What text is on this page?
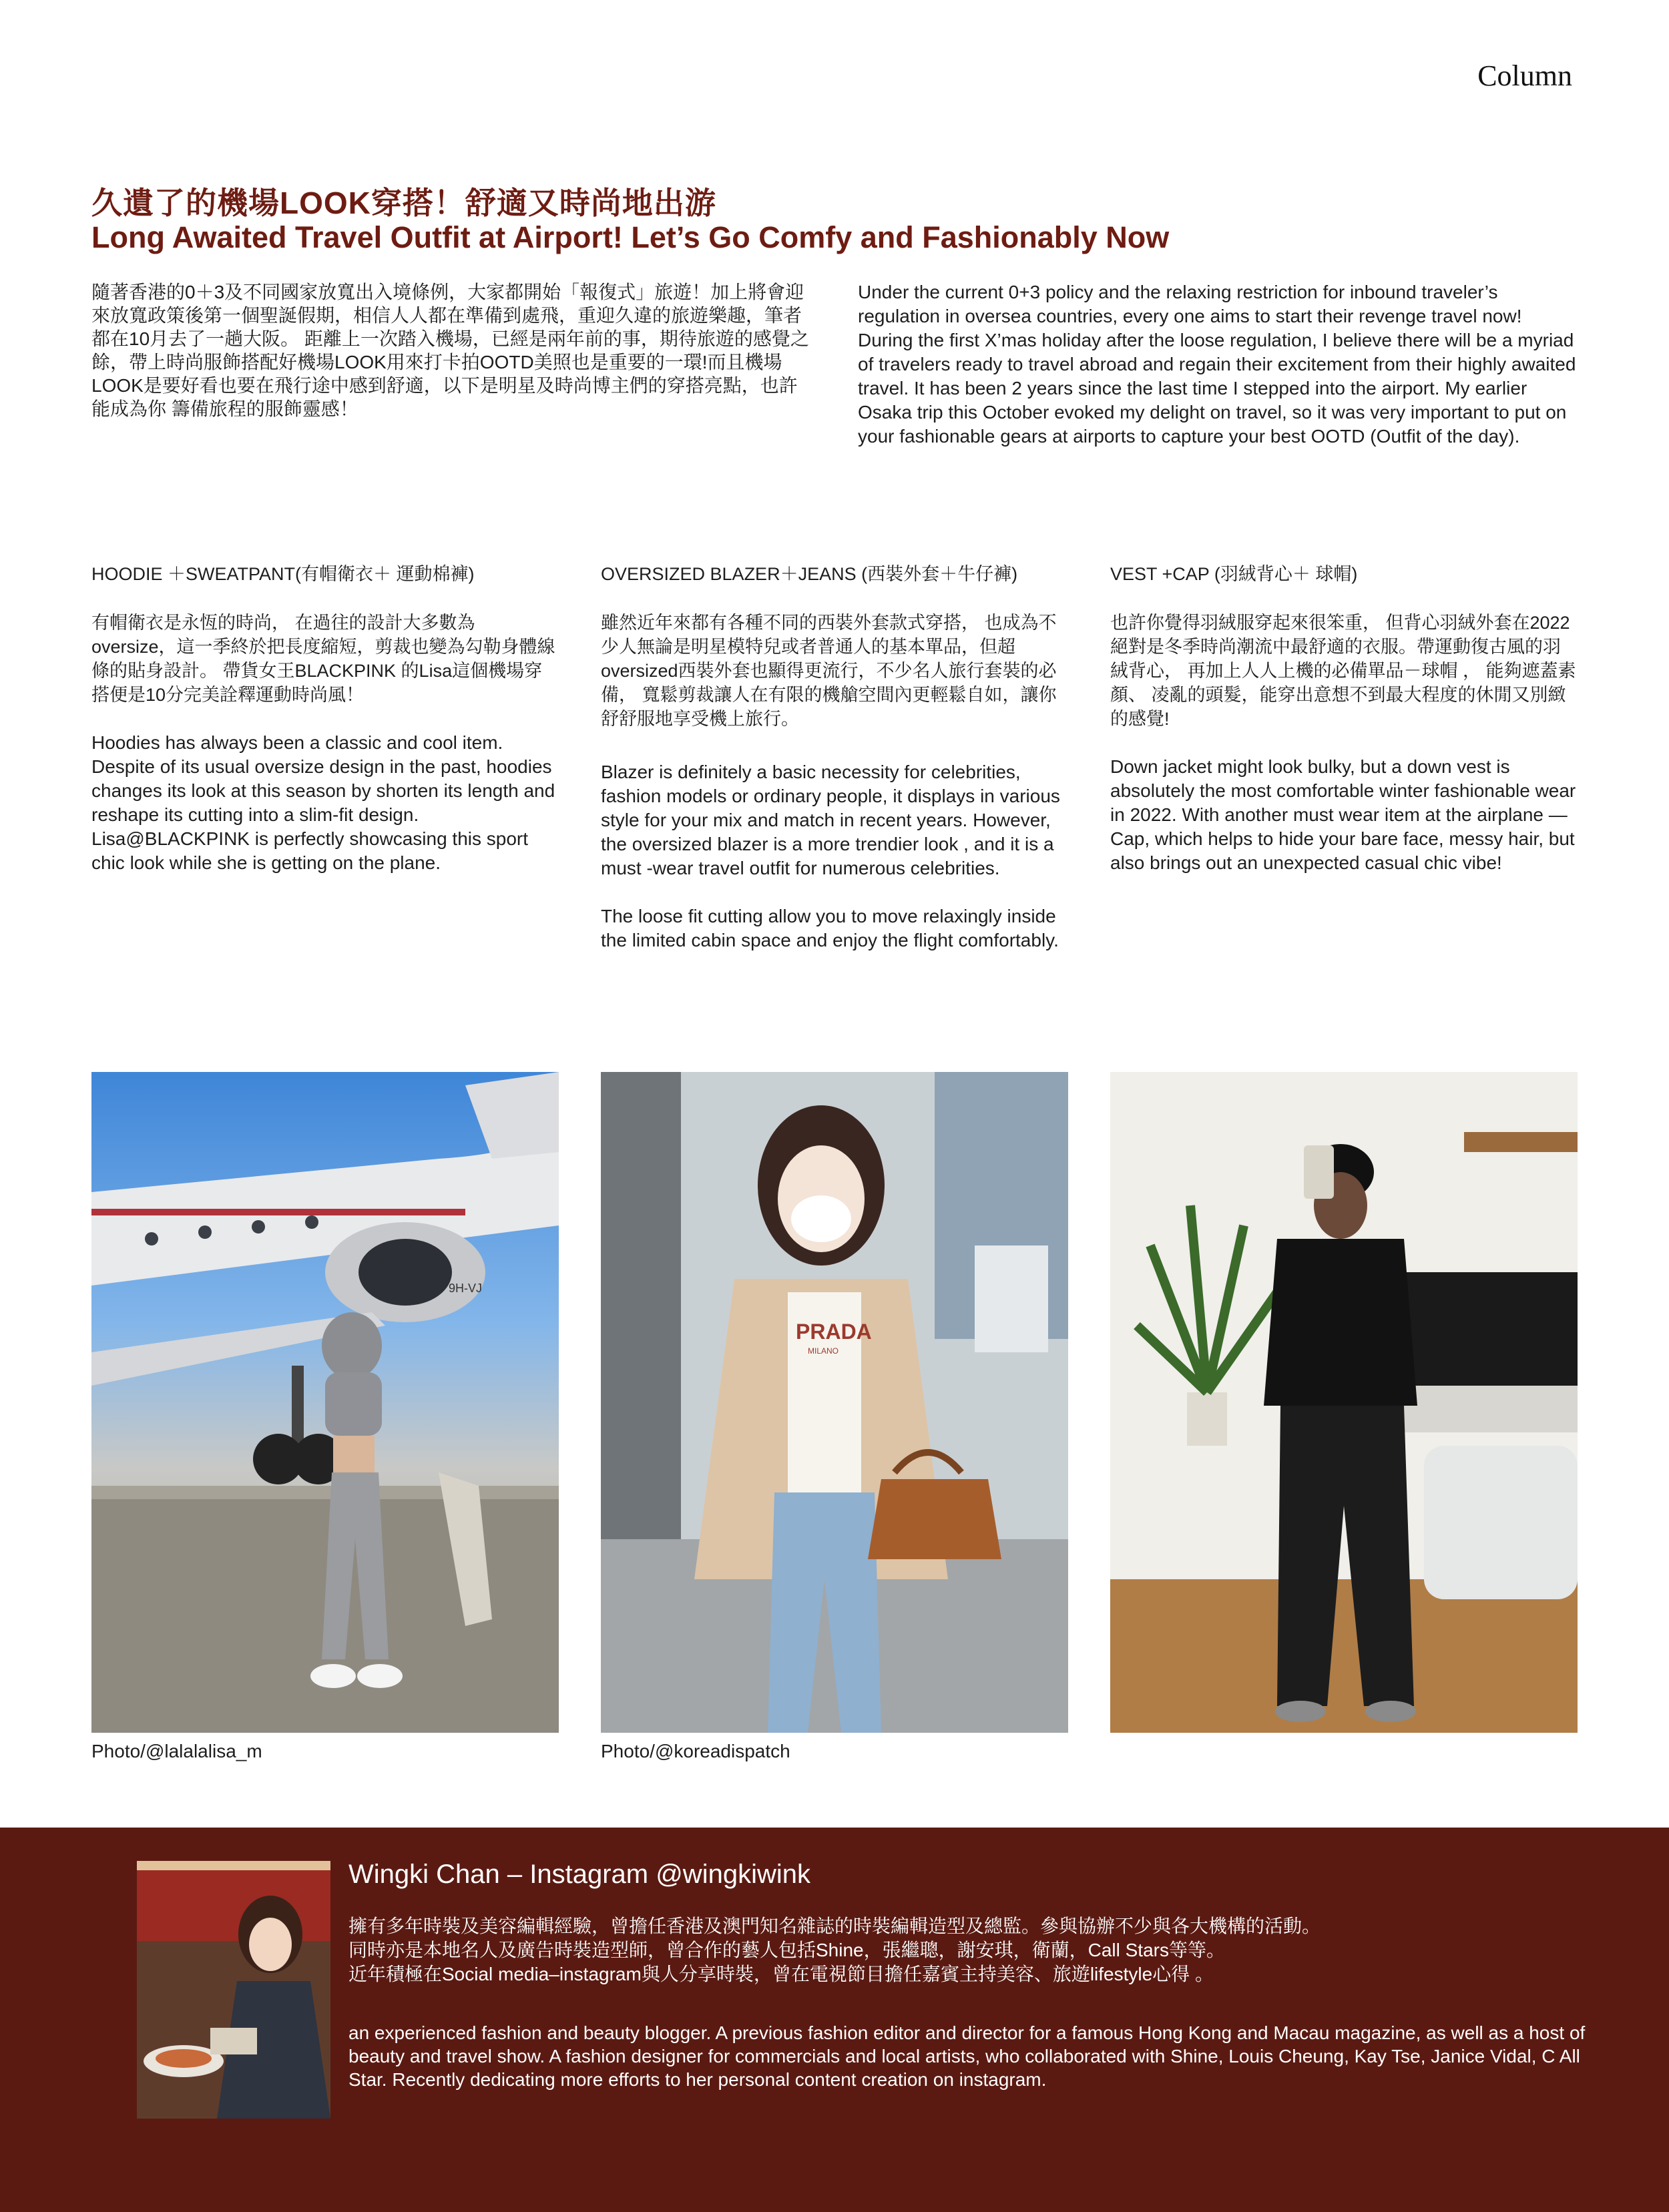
Column
久遺了的機場LOOK穿搭！舒適又時尚地出游
Long Awaited Travel Outfit at Airport! Let’s Go Comfy and Fashionably Now

隨著香港的0＋3及不同國家放寬出入境條例，大家都開始「報復式」旅遊！加上將會迎來放寬政策後第一個聖誕假期，相信人人都在準備到處飛，重迎久違的旅遊樂趣，筆者都在10月去了一趟大阪。 距離上一次踏入機場，已經是兩年前的事，期待旅遊的感覺之餘，帶上時尚服飾搭配好機場LOOK用來打卡拍OOTD美照也是重要的一環!而且機場LOOK是要好看也要在飛行途中感到舒適，以下是明星及時尚博主們的穿搭亮點，也許能成為你 籌備旅程的服飾靈感！

Under the current 0+3 policy and the relaxing restriction for inbound traveler’s regulation in oversea countries, every one aims to start their revenge travel now! During the first X’mas holiday after the loose regulation, I believe there will be a myriad of travelers ready to travel abroad and regain their excitement from their highly awaited travel. It has been 2 years since the last time I stepped into the airport. My earlier Osaka trip this October evoked my delight on travel, so it was very important to put on your fashionable gears at airports to capture your best OOTD (Outfit of the day).

HOODIE ＋SWEATPANT(有帽衛衣＋ 運動棉褲)

有帽衛衣是永恆的時尚， 在過往的設計大多數為oversize，這一季終於把長度縮短，剪裁也變為勾勒身體線條的貼身設計。 帶貨女王BLACKPINK 的Lisa這個機場穿搭便是10分完美詮釋運動時尚風！

Hoodies has always been a classic and cool item. Despite of its usual oversize design in the past, hoodies changes its look at this season by shorten its length and reshape its cutting into a slim-fit design. Lisa@BLACKPINK is perfectly showcasing this sport chic look while she is getting on the plane.

OVERSIZED BLAZER＋JEANS (西裝外套＋牛仔褲)

雖然近年來都有各種不同的西裝外套款式穿搭， 也成為不少人無論是明星模特兒或者普通人的基本單品，但超oversized西裝外套也顯得更流行，不少名人旅行套裝的必備， 寬鬆剪裁讓人在有限的機艙空間內更輕鬆自如，讓你舒舒服地享受機上旅行。

Blazer is definitely a basic necessity for celebrities, fashion models or ordinary people, it displays in various style for your mix and match in recent years. However, the oversized blazer is a more trendier look , and it is a must -wear travel outfit for numerous celebrities.

The loose fit cutting allow you to move relaxingly inside the limited cabin space and enjoy the flight comfortably.

VEST +CAP (羽絨背心＋ 球帽)

也許你覺得羽絨服穿起來很笨重， 但背心羽絨外套在2022 絕對是冬季時尚潮流中最舒適的衣服。帶運動復古風的羽絨背心， 再加上人人上機的必備單品－球帽 ， 能夠遮蓋素顏、 凌亂的頭髮，能穿出意想不到最大程度的休閒又別緻的感覺!

Down jacket might look bulky, but a down vest is absolutely the most comfortable winter fashionable wear in 2022. With another must wear item at the airplane — Cap, which helps to hide your bare face, messy hair, but also brings out an unexpected casual chic vibe!

9H-VJ
PRADA
MILANO
Photo/@lalalalisa_m	Photo/@koreadispatch
Wingki Chan – Instagram @wingkiwink

擁有多年時裝及美容編輯經驗，曾擔任香港及澳門知名雜誌的時裝編輯造型及總監。參與協辦不少與各大機構的活動。
同時亦是本地名人及廣告時裝造型師，曾合作的藝人包括Shine，張繼聰，謝安琪，衛蘭，Call Stars等等。
近年積極在Social media–instagram與人分享時裝，曾在電視節目擔任嘉賓主持美容、旅遊lifestyle心得 。

an experienced fashion and beauty blogger. A previous fashion editor and director for a famous Hong Kong and Macau magazine, as well as a host of beauty and travel show. A fashion designer for commercials and local artists, who collaborated with Shine, Louis Cheung, Kay Tse, Janice Vidal, C All Star. Recently dedicating more efforts to her personal content creation on instagram.
